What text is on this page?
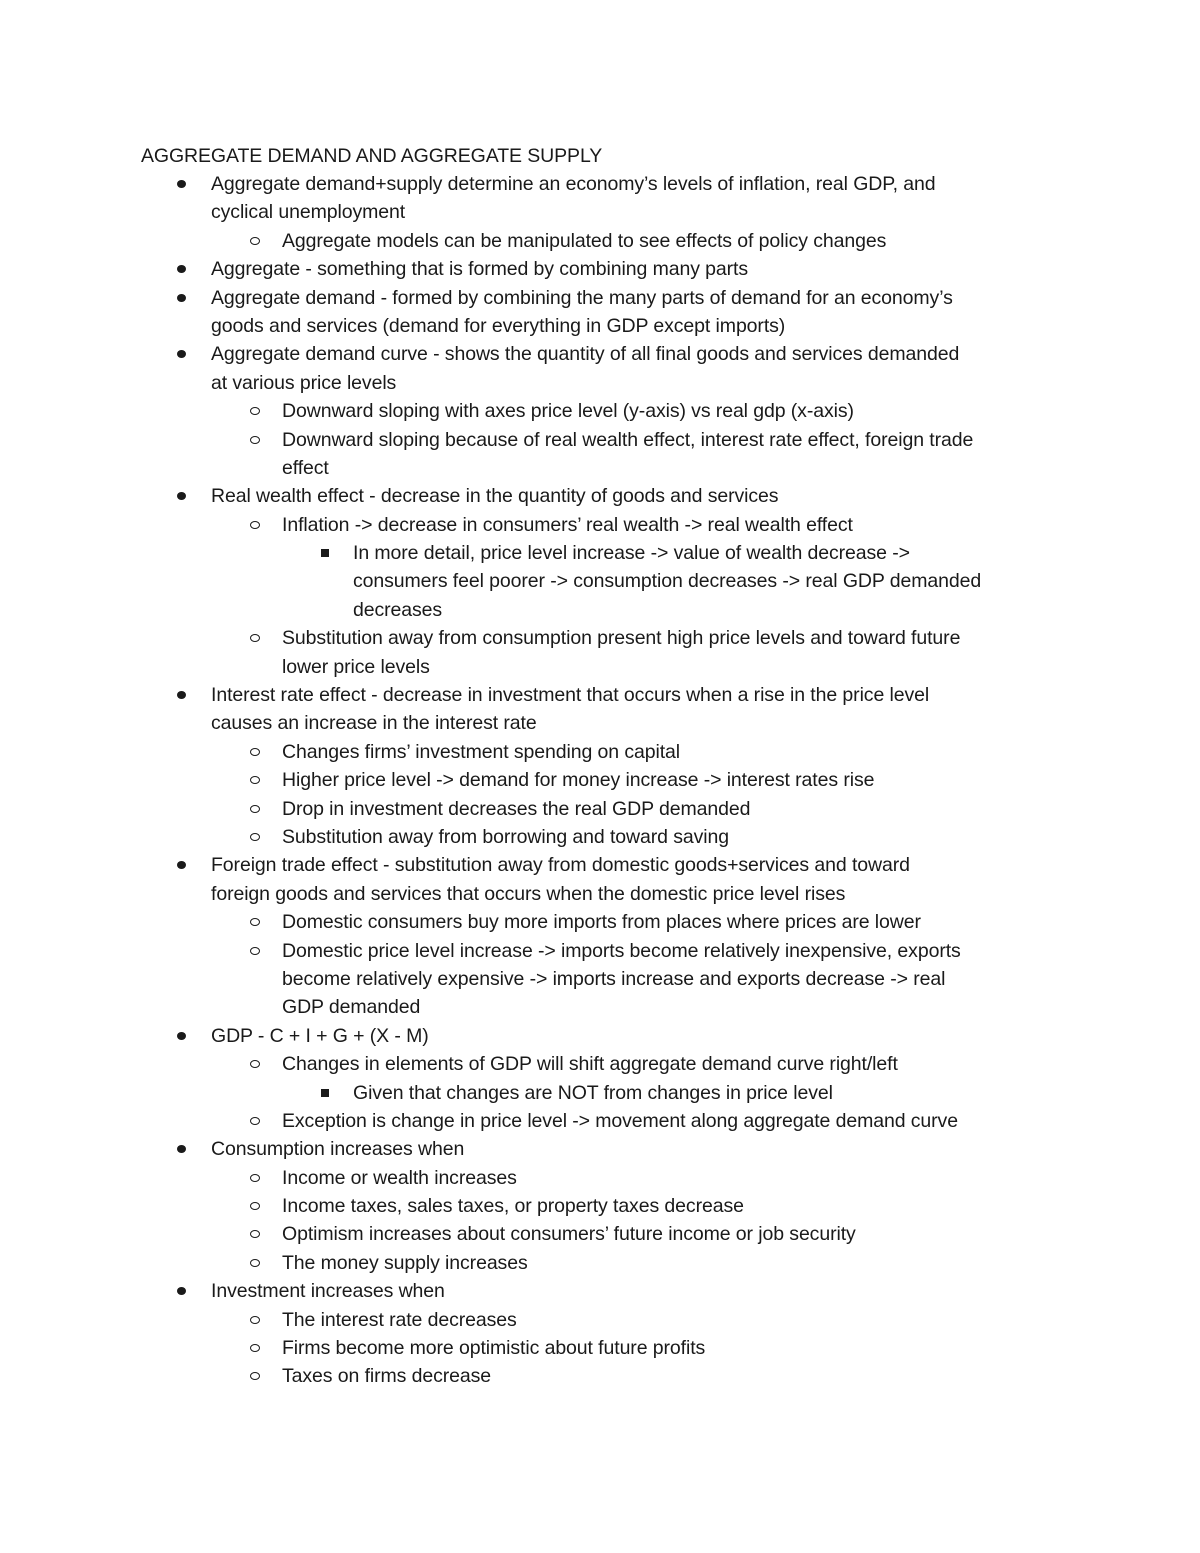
AGGREGATE DEMAND AND AGGREGATE SUPPLY
Aggregate demand+supply determine an economy’s levels of inflation, real GDP, and
cyclical unemployment
Aggregate models can be manipulated to see effects of policy changes
Aggregate - something that is formed by combining many parts
Aggregate demand - formed by combining the many parts of demand for an economy’s
goods and services (demand for everything in GDP except imports)
Aggregate demand curve - shows the quantity of all final goods and services demanded
at various price levels
Downward sloping with axes price level (y-axis) vs real gdp (x-axis)
Downward sloping because of real wealth effect, interest rate effect, foreign trade
effect
Real wealth effect - decrease in the quantity of goods and services
Inflation -> decrease in consumers’ real wealth -> real wealth effect
In more detail, price level increase -> value of wealth decrease ->
consumers feel poorer -> consumption decreases -> real GDP demanded
decreases
Substitution away from consumption present high price levels and toward future
lower price levels
Interest rate effect - decrease in investment that occurs when a rise in the price level
causes an increase in the interest rate
Changes firms’ investment spending on capital
Higher price level -> demand for money increase -> interest rates rise
Drop in investment decreases the real GDP demanded
Substitution away from borrowing and toward saving
Foreign trade effect - substitution away from domestic goods+services and toward
foreign goods and services that occurs when the domestic price level rises
Domestic consumers buy more imports from places where prices are lower
Domestic price level increase -> imports become relatively inexpensive, exports
become relatively expensive -> imports increase and exports decrease -> real
GDP demanded
GDP - C + I + G + (X - M)
Changes in elements of GDP will shift aggregate demand curve right/left
Given that changes are NOT from changes in price level
Exception is change in price level -> movement along aggregate demand curve
Consumption increases when
Income or wealth increases
Income taxes, sales taxes, or property taxes decrease
Optimism increases about consumers’ future income or job security
The money supply increases
Investment increases when
The interest rate decreases
Firms become more optimistic about future profits
Taxes on firms decrease
